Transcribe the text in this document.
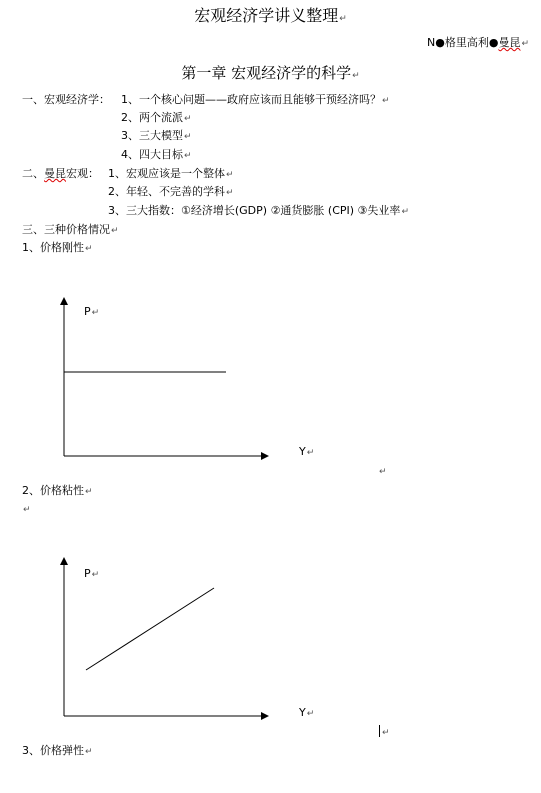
宏观经济学讲义整理↵
N●格里高利●曼昆↵
第一章 宏观经济学的科学↵
一、宏观经济学： 1、一个核心问题——政府应该而且能够干预经济吗？↵
2、两个流派↵
3、三大模型↵
4、四大目标↵
二、曼昆宏观： 1、宏观应该是一个整体↵
2、年轻、不完善的学科↵
3、三大指数：①经济增长(GDP) ②通货膨胀 (CPI) ③失业率↵
三、三种价格情况↵
1、价格刚性↵
P↵
Y↵
↵
2、价格粘性↵
↵
P↵
Y↵
↵
3、价格弹性↵
